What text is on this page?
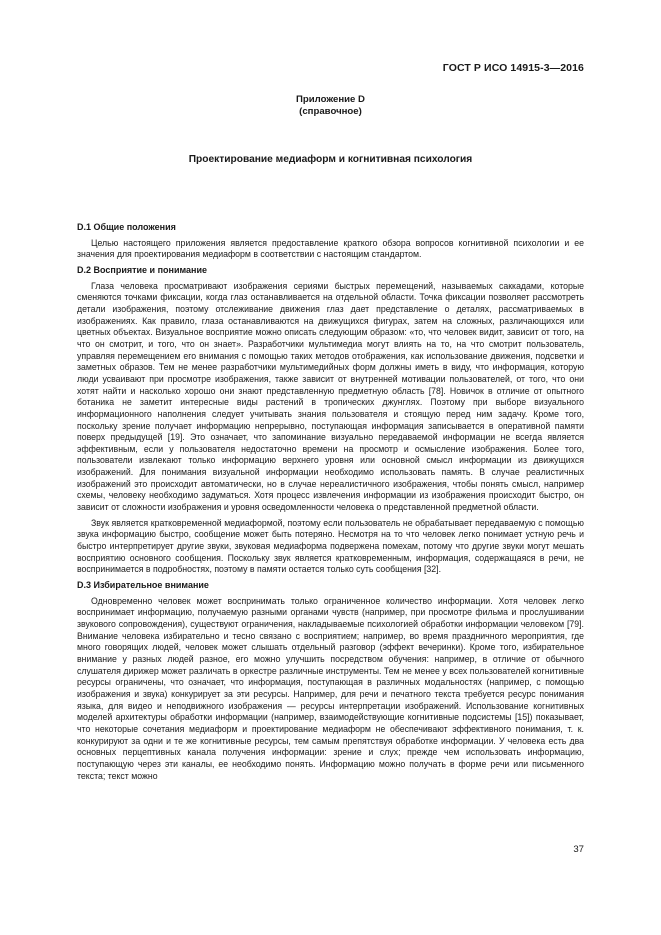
ГОСТ Р ИСО 14915-3—2016
Приложение D
(справочное)
Проектирование медиаформ и когнитивная психология
D.1 Общие положения

Целью настоящего приложения является предоставление краткого обзора вопросов когнитивной психологии и ее значения для проектирования медиаформ в соответствии с настоящим стандартом.

D.2 Восприятие и понимание

Глаза человека просматривают изображения сериями быстрых перемещений, называемых саккадами, которые сменяются точками фиксации, когда глаз останавливается на отдельной области. Точка фиксации позволяет рассмотреть детали изображения, поэтому отслеживание движения глаз дает представление о деталях, рассматриваемых в изображениях. Как правило, глаза останавливаются на движущихся фигурах, затем на сложных, различающихся или цветных объектах. Визуальное восприятие можно описать следующим образом: «то, что человек видит, зависит от того, на что он смотрит, и того, что он знает». Разработчики мультимедиа могут влиять на то, на что смотрит пользователь, управляя перемещением его внимания с помощью таких методов отображения, как использование движения, подсветки и заметных образов. Тем не менее разработчики мультимедийных форм должны иметь в виду, что информация, которую люди усваивают при просмотре изображения, также зависит от внутренней мотивации пользователей, от того, что они хотят найти и насколько хорошо они знают представленную предметную область [78]. Новичок в отличие от опытного ботаника не заметит интересные виды растений в тропических джунглях. Поэтому при выборе визуального информационного наполнения следует учитывать знания пользователя и стоящую перед ним задачу. Кроме того, поскольку зрение получает информацию непрерывно, поступающая информация записывается в оперативной памяти поверх предыдущей [19]. Это означает, что запоминание визуально передаваемой информации не всегда является эффективным, если у пользователя недостаточно времени на просмотр и осмысление изображения. Более того, пользователи извлекают только информацию верхнего уровня или основной смысл информации из движущихся изображений. Для понимания визуальной информации необходимо использовать память. В случае реалистичных изображений это происходит автоматически, но в случае нереалистичного изображения, чтобы понять смысл, например схемы, человеку необходимо задуматься. Хотя процесс извлечения информации из изображения происходит быстро, он зависит от сложности изображения и уровня осведомленности человека о представленной предметной области.

Звук является кратковременной медиаформой, поэтому если пользователь не обрабатывает передаваемую с помощью звука информацию быстро, сообщение может быть потеряно. Несмотря на то что человек легко понимает устную речь и быстро интерпретирует другие звуки, звуковая медиаформа подвержена помехам, потому что другие звуки могут мешать восприятию основного сообщения. Поскольку звук является кратковременным, информация, содержащаяся в речи, не воспринимается в подробностях, поэтому в памяти остается только суть сообщения [32].

D.3 Избирательное внимание

Одновременно человек может воспринимать только ограниченное количество информации. Хотя человек легко воспринимает информацию, получаемую разными органами чувств (например, при просмотре фильма и прослушивании звукового сопровождения), существуют ограничения, накладываемые психологией обработки информации человеком [79]. Внимание человека избирательно и тесно связано с восприятием; например, во время праздничного мероприятия, где много говорящих людей, человек может слышать отдельный разговор (эффект вечеринки). Кроме того, избирательное внимание у разных людей разное, его можно улучшить посредством обучения: например, в отличие от обычного слушателя дирижер может различать в оркестре различные инструменты. Тем не менее у всех пользователей когнитивные ресурсы ограничены, что означает, что информация, поступающая в различных модальностях (например, с помощью изображения и звука) конкурирует за эти ресурсы. Например, для речи и печатного текста требуется ресурс понимания языка, для видео и неподвижного изображения — ресурсы интерпретации изображений. Использование когнитивных моделей архитектуры обработки информации (например, взаимодействующие когнитивные подсистемы [15]) показывает, что некоторые сочетания медиаформ и проектирование медиаформ не обеспечивают эффективного понимания, т. к. конкурируют за одни и те же когнитивные ресурсы, тем самым препятствуя обработке информации. У человека есть два основных перцептивных канала получения информации: зрение и слух; прежде чем использовать информацию, поступающую через эти каналы, ее необходимо понять. Информацию можно получать в форме речи или письменного текста; текст можно

37
